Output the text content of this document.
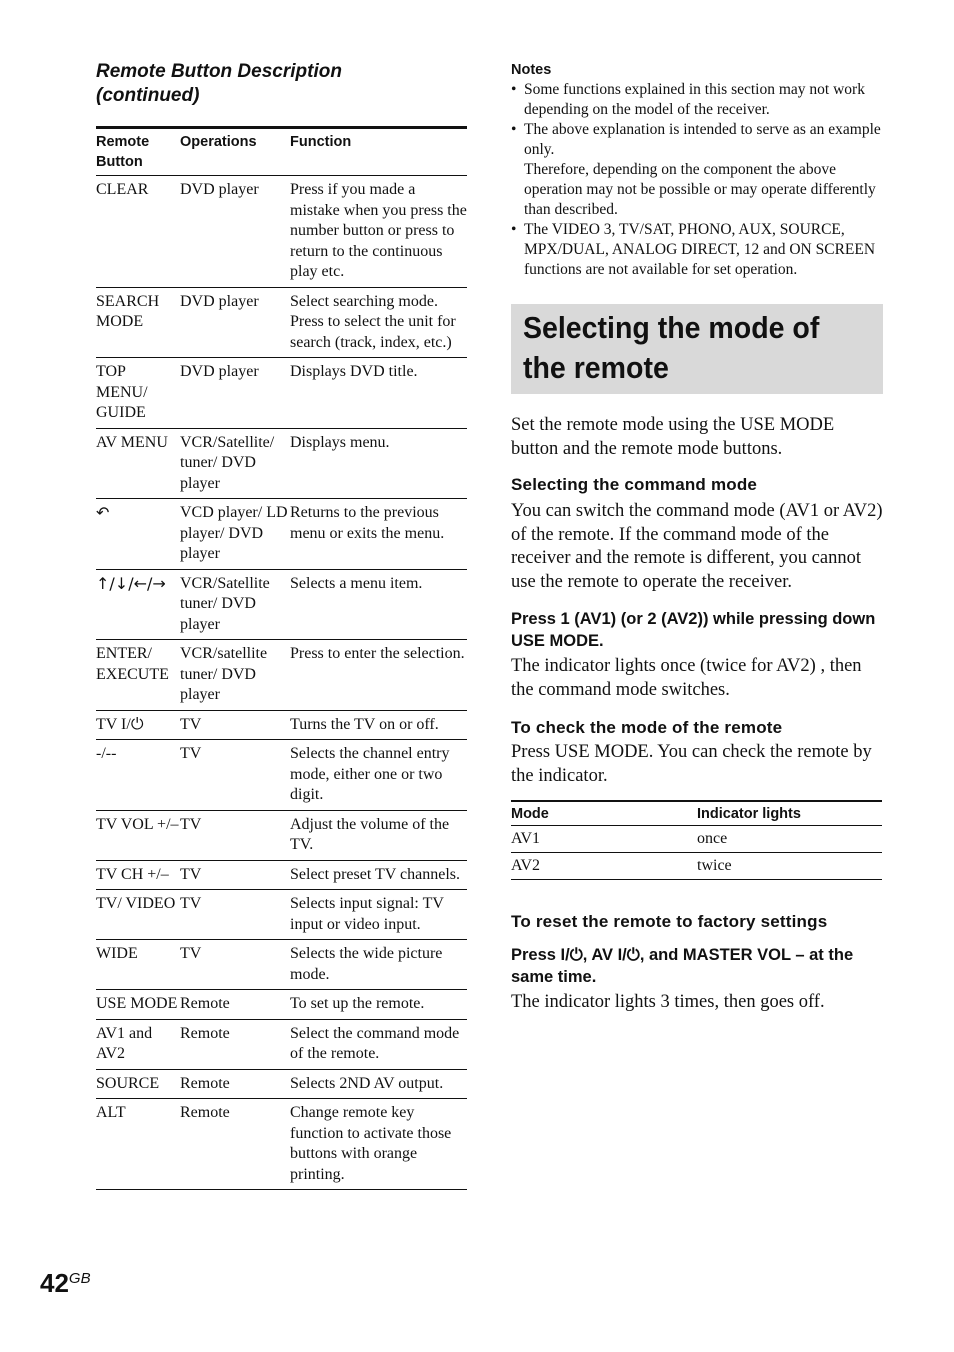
Remote Button Description
(continued)
Remote Button	Operations	Function
CLEAR	DVD player	Press if you made a mistake when you press the number button or press to return to the continuous play etc.
SEARCH MODE	DVD player	Select searching mode. Press to select the unit for search (track, index, etc.)
TOP MENU/ GUIDE	DVD player	Displays DVD title.
AV MENU	VCR/Satellite/ tuner/ DVD player	Displays menu.
↶	VCD player/ LD player/ DVD player	Returns to the previous menu or exits the menu.
↑/↓/←/→	VCR/Satellite tuner/ DVD player	Selects a menu item.
ENTER/ EXECUTE	VCR/satellite tuner/ DVD player	Press to enter the selection.
TV I/⏻	TV	Turns the TV on or off.
-/--	TV	Selects the channel entry mode, either one or two digit.
TV VOL +/–	TV	Adjust the volume of the TV.
TV CH +/–	TV	Select preset TV channels.
TV/ VIDEO	TV	Selects input signal: TV input or video input.
WIDE	TV	Selects the wide picture mode.
USE MODE	Remote	To set up the remote.
AV1 and AV2	Remote	Select the command mode of the remote.
SOURCE	Remote	Selects 2ND AV output.
ALT	Remote	Change remote key function to activate those buttons with orange printing.
Notes
• Some functions explained in this section may not work depending on the model of the receiver.
• The above explanation is intended to serve as an example only.
Therefore, depending on the component the above operation may not be possible or may operate differently than described.
• The VIDEO 3, TV/SAT, PHONO, AUX, SOURCE, MPX/DUAL, ANALOG DIRECT, 12 and ON SCREEN functions are not available for set operation.
Selecting the mode of the remote

Set the remote mode using the USE MODE button and the remote mode buttons.

Selecting the command mode

You can switch the command mode (AV1 or AV2) of the remote. If the command mode of the receiver and the remote is different, you cannot use the remote to operate the receiver.

Press 1 (AV1) (or 2 (AV2)) while pressing down USE MODE.

The indicator lights once (twice for AV2) , then the command mode switches.

To check the mode of the remote

Press USE MODE. You can check the remote by the indicator.

Mode	Indicator lights
AV1	once
AV2	twice
To reset the remote to factory settings
Press I/⏻, AV I/⏻, and MASTER VOL – at the same time.

The indicator lights 3 times, then goes off.

42GB
